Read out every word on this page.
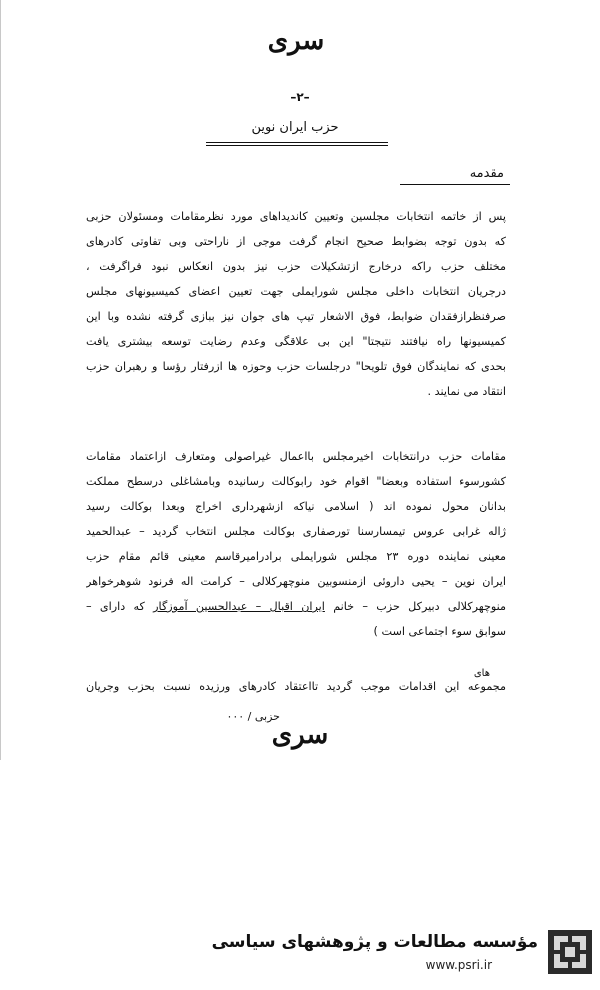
سری
–۲–
حزب ایران نوین
مقدمه
پس از خاتمه انتخابات مجلسین وتعیین کاندیداهای مورد نظرمقامات ومسئولان حزبی
که بدون توجه بضوابط صحیح انجام گرفت موجی از ناراحتی وبی تفاوتی کادرهای
مختلف حزب راکه درخارج ازتشکیلات حزب نیز بدون انعکاس نبود فراگرفت ،
درجریان انتخابات داخلی مجلس شورایملی جهت تعیین اعضای کمیسیونهای مجلس
صرفنظرازفقدان ضوابط، فوق الاشعار تیپ های جوان نیز ببازی گرفته نشده وبا این
کمیسیونها راه نیافتند نتیجتا" این بی علاقگی وعدم رضایت توسعه بیشتری یافت
بحدی که نمایندگان فوق تلویحا" درجلسات حزب وحوزه ها ازرفتار رؤسا و رهبران حزب
انتقاد می نمایند .
مقامات حزب درانتخابات اخیرمجلس بااعمال غیراصولی ومتعارف ازاعتماد مقامات
کشورسوء استفاده وبعضا" اقوام خود رابوکالت رسانیده وبامشاغلی درسطح مملکت
بدانان محول نموده اند ( اسلامی نیاکه ازشهرداری اخراج وبعدا بوکالت رسید
ژاله غرابی عروس تیمسارسنا تورصفاری بوکالت مجلس انتخاب گردید – عبدالحمید
معینی نماینده دوره ۲۳ مجلس شورایملی برادرامیرقاسم معینی قائم مقام حزب
ایران نوین – یحیی داروئی ازمنسوبین منوچهرکلالی – کرامت اله فرنود شوهرخواهر
منوچهرکلالی دبیرکل حزب – خانم ایران اقبال – عبدالحسین آموزگار که دارای –
سوابق سوء اجتماعی است )
های
مجموعه این اقدامات موجب گردید تااعتقاد کادرهای ورزیده نسبت بحزب وجریان
حزبی / ۰۰۰
سری
مؤسسه مطالعات و پژوهشهای سیاسی
www.psri.ir
